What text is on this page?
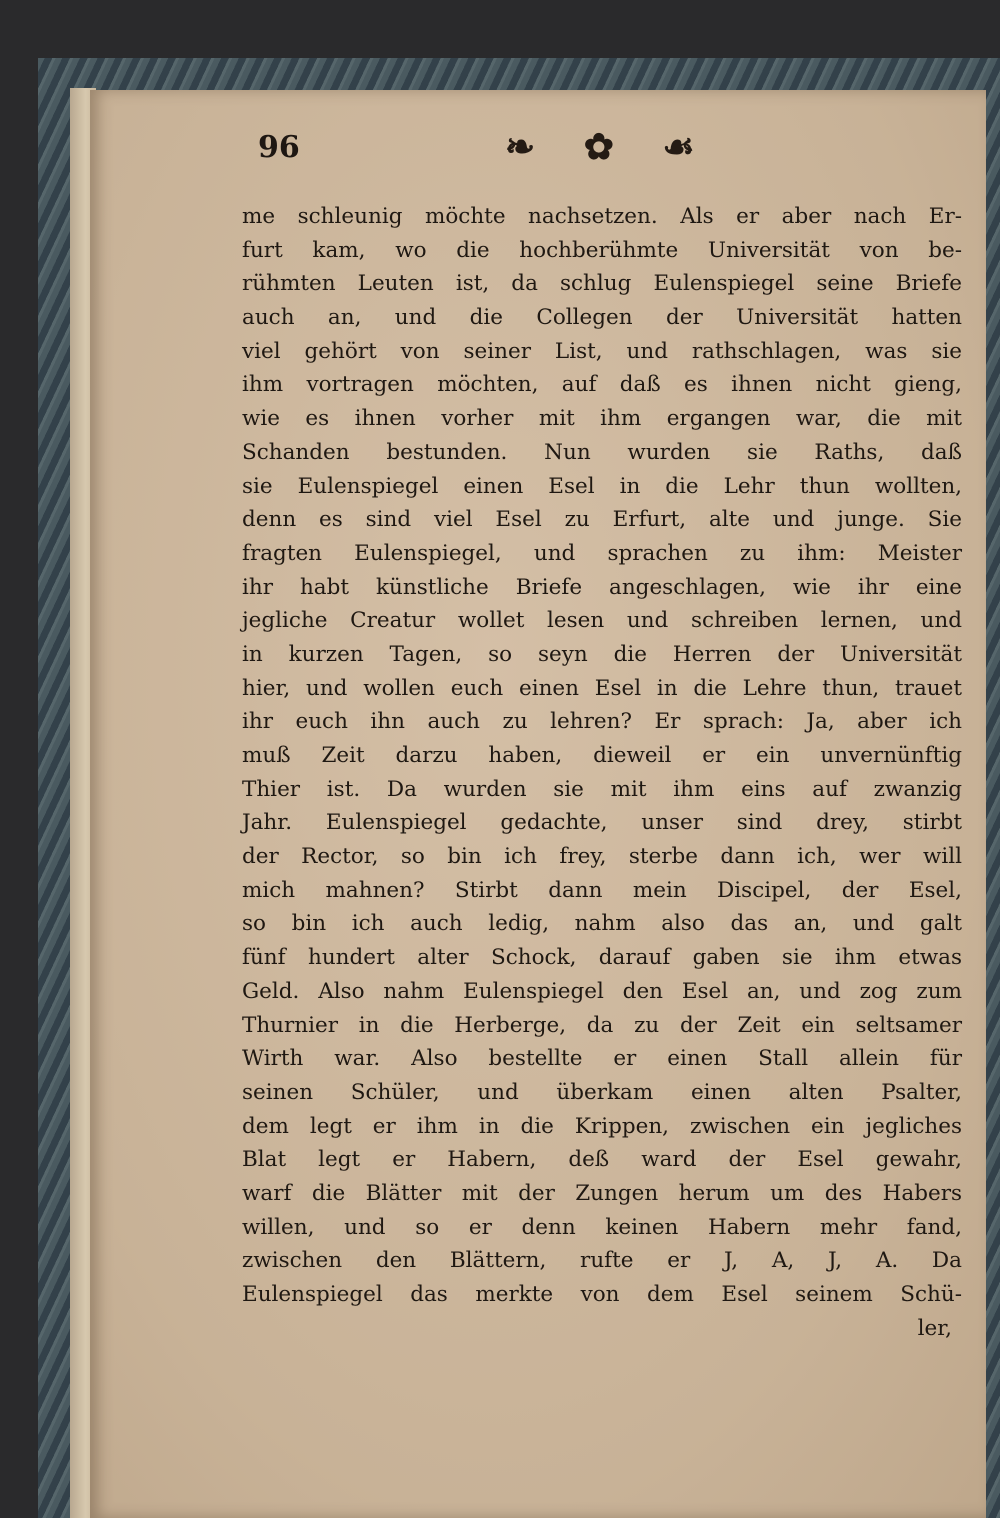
96	❧ ✿ ☙
me schleunig möchte nachsetzen. Als er aber nach Er-
furt kam, wo die hochberühmte Universität von be-
rühmten Leuten ist, da schlug Eulenspiegel seine Briefe
auch an, und die Collegen der Universität hatten
viel gehört von seiner List, und rathschlagen, was sie
ihm vortragen möchten, auf daß es ihnen nicht gieng,
wie es ihnen vorher mit ihm ergangen war, die mit
Schanden bestunden. Nun wurden sie Raths, daß
sie Eulenspiegel einen Esel in die Lehr thun wollten,
denn es sind viel Esel zu Erfurt, alte und junge. Sie
fragten Eulenspiegel, und sprachen zu ihm: Meister
ihr habt künstliche Briefe angeschlagen, wie ihr eine
jegliche Creatur wollet lesen und schreiben lernen, und
in kurzen Tagen, so seyn die Herren der Universität
hier, und wollen euch einen Esel in die Lehre thun, trauet
ihr euch ihn auch zu lehren? Er sprach: Ja, aber ich
muß Zeit darzu haben, dieweil er ein unvernünftig
Thier ist. Da wurden sie mit ihm eins auf zwanzig
Jahr. Eulenspiegel gedachte, unser sind drey, stirbt
der Rector, so bin ich frey, sterbe dann ich, wer will
mich mahnen? Stirbt dann mein Discipel, der Esel,
so bin ich auch ledig, nahm also das an, und galt
fünf hundert alter Schock, darauf gaben sie ihm etwas
Geld. Also nahm Eulenspiegel den Esel an, und zog zum
Thurnier in die Herberge, da zu der Zeit ein seltsamer
Wirth war. Also bestellte er einen Stall allein für
seinen Schüler, und überkam einen alten Psalter,
dem legt er ihm in die Krippen, zwischen ein jegliches
Blat legt er Habern, deß ward der Esel gewahr,
warf die Blätter mit der Zungen herum um des Habers
willen, und so er denn keinen Habern mehr fand,
zwischen den Blättern, rufte er J, A, J, A. Da
Eulenspiegel das merkte von dem Esel seinem Schü-
ler,
